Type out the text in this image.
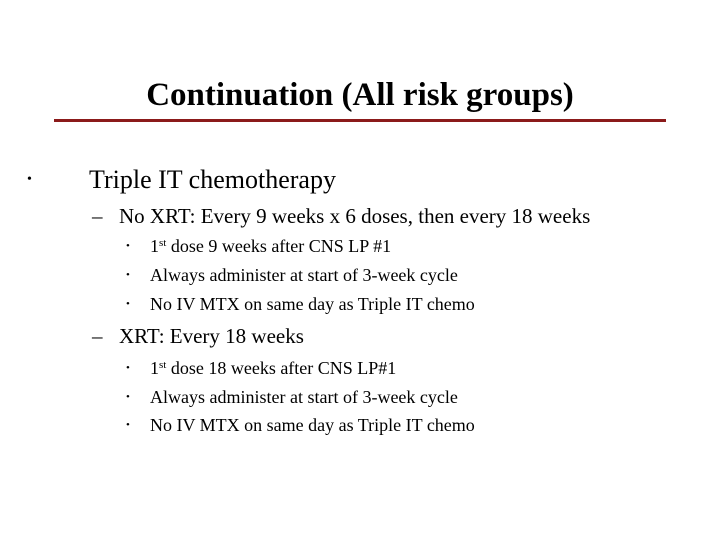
Continuation (All risk groups)
• Triple IT chemotherapy
– No XRT: Every 9 weeks x 6 doses, then every 18 weeks
• 1st dose 9 weeks after CNS LP #1
• Always administer at start of 3-week cycle
• No IV MTX on same day as Triple IT chemo
– XRT: Every 18 weeks
• 1st dose 18 weeks after CNS LP#1
• Always administer at start of 3-week cycle
• No IV MTX on same day as Triple IT chemo
